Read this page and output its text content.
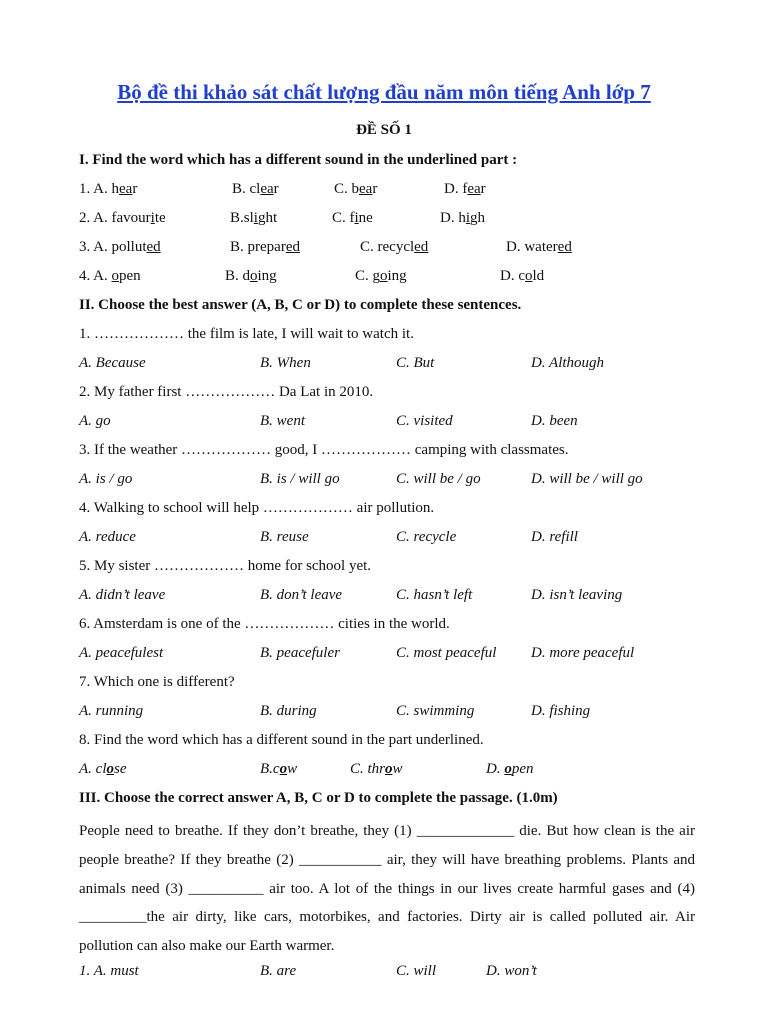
Bộ đề thi khảo sát chất lượng đầu năm môn tiếng Anh lớp 7
ĐỀ SỐ 1
I. Find the word which has a different sound in the underlined part :
1. A. hear	B. clear	C. bear	D. fear
2. A. favourite	B.slight	C. fine	D. high
3. A. polluted	B. prepared	C. recycled	D. watered
4. A. open	B. doing	C. going	D. cold
II. Choose the best answer (A, B, C or D) to complete these sentences.
1. ……………… the film is late, I will wait to watch it.
A. Because	B. When	C. But	D. Although
2. My father first ……………… Da Lat in 2010.
A. go	B. went	C. visited	D. been
3. If the weather ……………… good, I ……………… camping with classmates.
A. is / go	B. is / will go	C. will be / go	D. will be / will go
4. Walking to school will help ……………… air pollution.
A. reduce	B. reuse	C. recycle	D. refill
5. My sister ……………… home for school yet.
A. didn’t leave	B. don’t leave	C. hasn’t left	D. isn’t leaving
6. Amsterdam is one of the ……………… cities in the world.
A. peacefulest	B. peacefuler	C. most peaceful D. more peaceful
7. Which one is different?
A. running	B. during	C. swimming	D. fishing
8. Find the word which has a different sound in the part underlined.
A. close	B.cow	C. throw	D. open
III. Choose the correct answer A, B, C or D to complete the passage. (1.0m)
People need to breathe. If they don’t breathe, they (1) _____________ die. But how clean is the air people breathe? If they breathe (2) ___________ air, they will have breathing problems. Plants and animals need (3) __________ air too. A lot of the things in our lives create harmful gases and (4) _________the air dirty, like cars, motorbikes, and factories. Dirty air is called polluted air. Air pollution can also make our Earth warmer.
1. A. must	B. are	C. will	D. won’t
